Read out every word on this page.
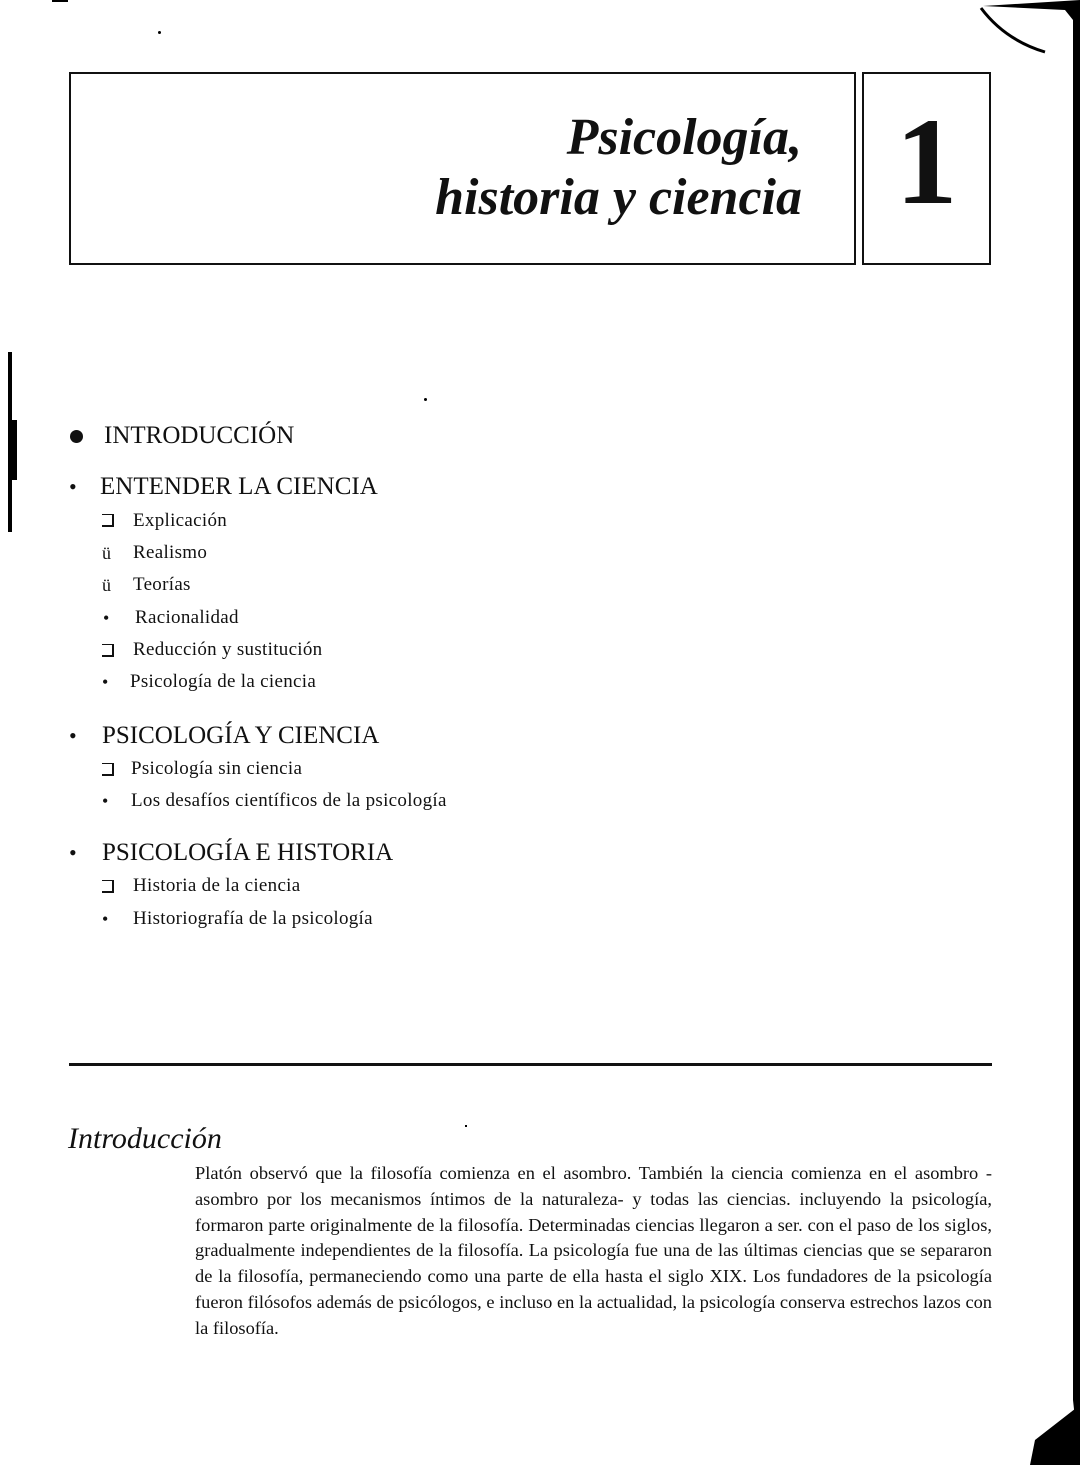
Psicología,
historia y ciencia 1
INTRODUCCIÓN
• ENTENDER LA CIENCIA
Explicación
ü Realismo
ü Teorías
• Racionalidad
Reducción y sustitución
• Psicología de la ciencia
• PSICOLOGÍA Y CIENCIA
Psicología sin ciencia
• Los desafíos científicos de la psicología
• PSICOLOGÍA E HISTORIA
Historia de la ciencia
• Historiografía de la psicología
Introducción
Platón observó que la filosofía comienza en el asombro. También la ciencia comienza en el asombro -asombro por los mecanismos íntimos de la naturaleza- y todas las ciencias. incluyendo la psicología, formaron parte originalmente de la filosofía. Determinadas ciencias llegaron a ser. con el paso de los siglos, gradualmente independientes de la filosofía. La psicología fue una de las últimas ciencias que se separaron de la filosofía, permaneciendo como una parte de ella hasta el siglo XIX. Los fundadores de la psicología fueron filósofos además de psicólogos, e incluso en la actualidad, la psicología conserva estrechos lazos con la filosofía.
